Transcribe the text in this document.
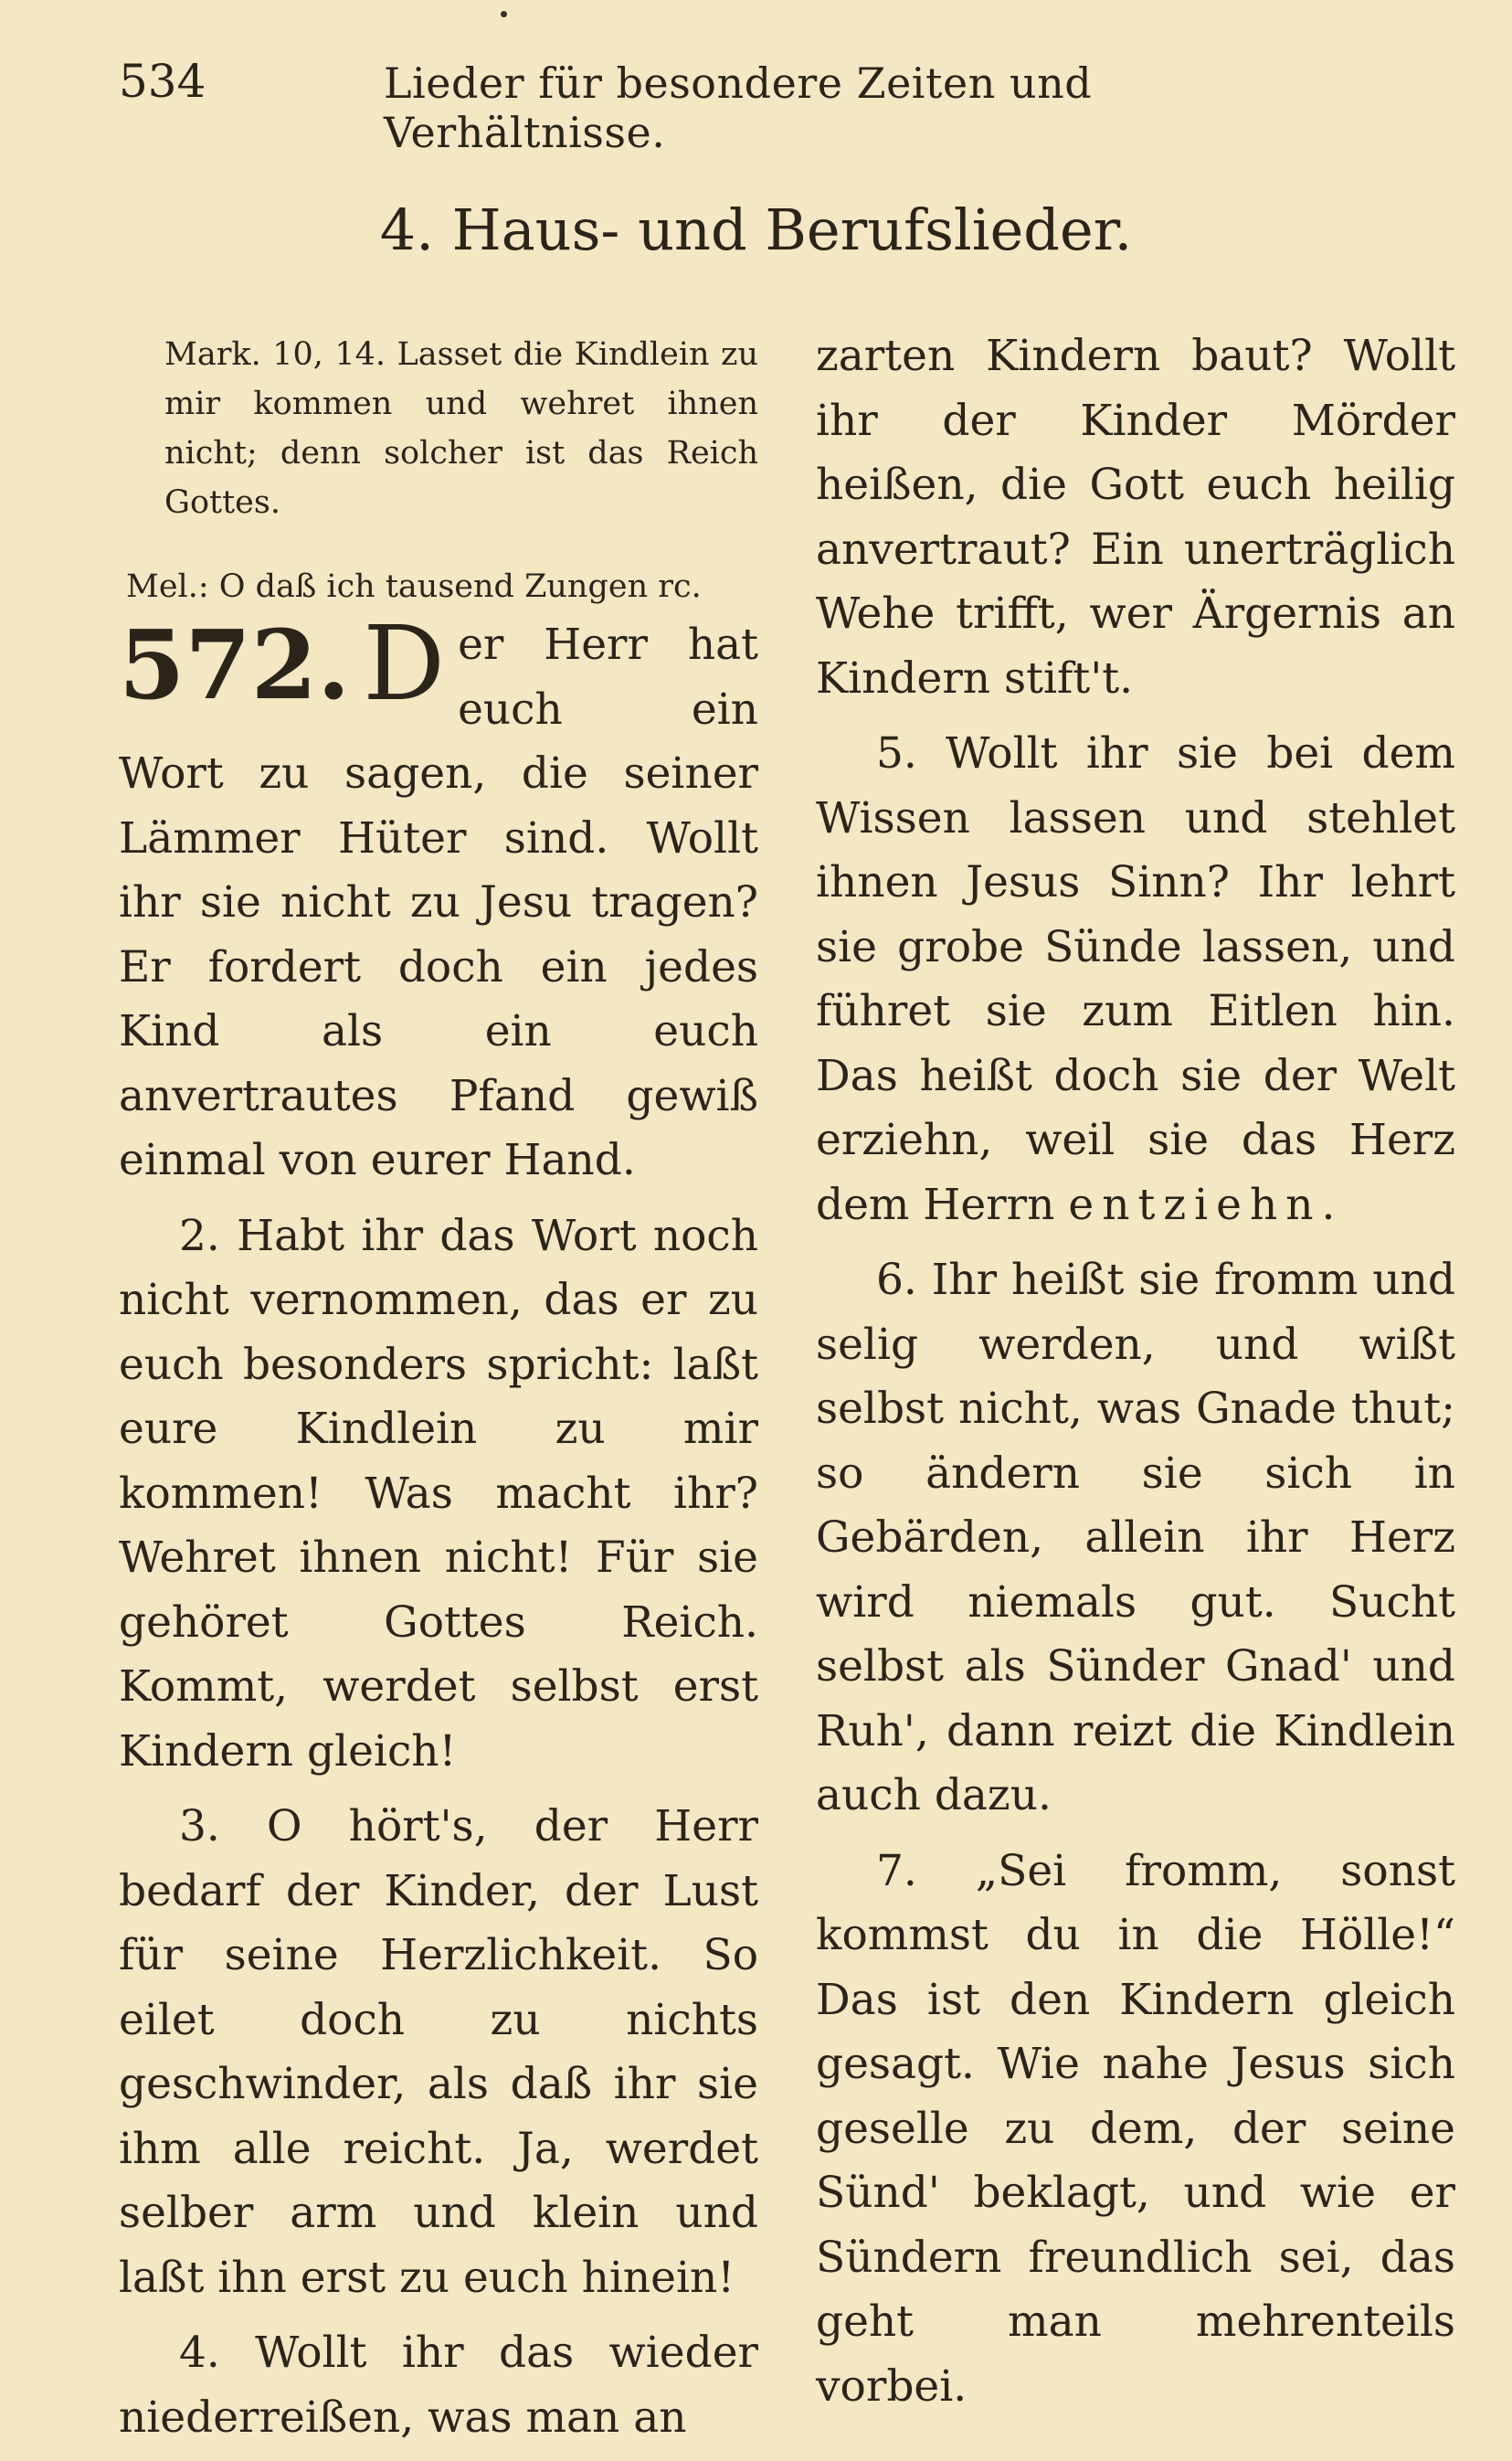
534	Lieder für besondere Zeiten und Verhältnisse.
4. Haus- und Berufslieder.

Mark. 10, 14. Lasset die Kindlein zu mir kommen und wehret ihnen nicht; denn solcher ist das Reich Gottes.

Mel.: O daß ich tausend Zungen rc.

572. D er Herr hat euch ein Wort zu sagen, die seiner Lämmer Hüter sind. Wollt ihr sie nicht zu Jesu tragen? Er fordert doch ein jedes Kind als ein euch anvertrautes Pfand gewiß einmal von eurer Hand.

2. Habt ihr das Wort noch nicht vernommen, das er zu euch besonders spricht: laßt eure Kindlein zu mir kommen! Was macht ihr? Wehret ihnen nicht! Für sie gehöret Gottes Reich. Kommt, werdet selbst erst Kindern gleich!

3. O hört's, der Herr bedarf der Kinder, der Lust für seine Herzlichkeit. So eilet doch zu nichts geschwinder, als daß ihr sie ihm alle reicht. Ja, werdet selber arm und klein und laßt ihn erst zu euch hinein!

4. Wollt ihr das wieder niederreißen, was man an

zarten Kindern baut? Wollt ihr der Kinder Mörder heißen, die Gott euch heilig anvertraut? Ein unerträglich Wehe trifft, wer Ärgernis an Kindern stift't.

5. Wollt ihr sie bei dem Wissen lassen und stehlet ihnen Jesus Sinn? Ihr lehrt sie grobe Sünde lassen, und führet sie zum Eitlen hin. Das heißt doch sie der Welt erziehn, weil sie das Herz dem Herrn entziehn.

6. Ihr heißt sie fromm und selig werden, und wißt selbst nicht, was Gnade thut; so ändern sie sich in Gebärden, allein ihr Herz wird niemals gut. Sucht selbst als Sünder Gnad' und Ruh', dann reizt die Kindlein auch dazu.

7. „Sei fromm, sonst kommst du in die Hölle!“ Das ist den Kindern gleich gesagt. Wie nahe Jesus sich geselle zu dem, der seine Sünd' beklagt, und wie er Sündern freundlich sei, das geht man mehrenteils vorbei.
